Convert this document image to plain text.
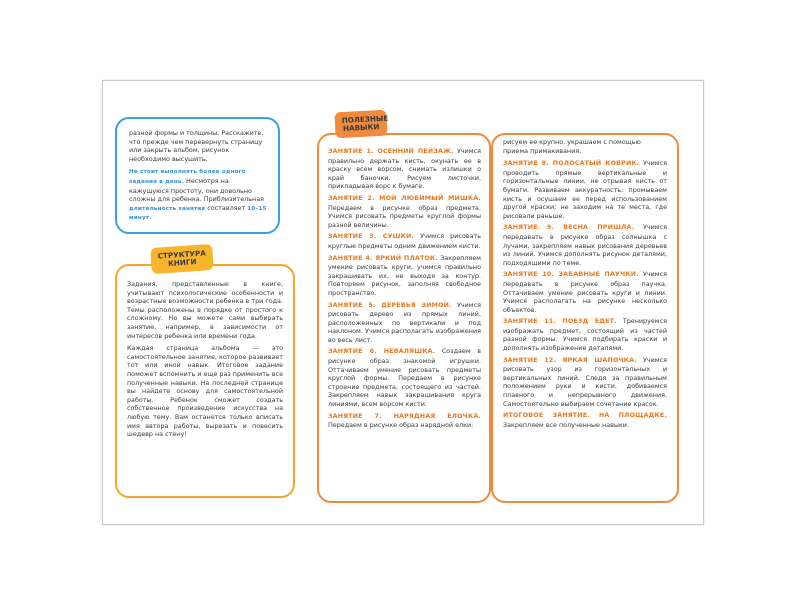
разной формы и толщины. Расскажите, что прежде чем перевернуть страницу или закрыть альбом, рисунок необходимо высушить.

Не стоит выполнять более одного задания в день. Несмотря на кажущуюся простоту, они довольно сложны для ребенка. Приблизительная длительность занятия составляет 10–15 минут.

Задания, представленные в книге, учитывают психологические особенности и возрастные возможности ребенка в три года. Темы расположены в порядке от простого к сложному. Но вы можете сами выбирать занятие, например, в зависимости от интересов ребенка или времени года.

Каждая страница альбома — это самостоятельное занятие, которое развивает тот или иной навык. Итоговое задание поможет вспомнить и еще раз применить все полученные навыки. На последней странице вы найдете основу для самостоятельной работы. Ребенок сможет создать собственное произведение искусства на любую тему. Вам останется только вписать имя автора работы, вырезать и повесить шедевр на стену!

СТРУКТУРА КНИГИ

ЗАНЯТИЕ 1. ОСЕННИЙ ПЕЙЗАЖ. Учимся правильно держать кисть, окунать ее в краску всем ворсом, снимать излишки о край баночки. Рисуем листочки, прикладывая ворс к бумаге.

ЗАНЯТИЕ 2. МОЙ ЛЮБИМЫЙ МИШКА. Передаем в рисунке образ предмета. Учимся рисовать предметы круглой формы разной величины.

ЗАНЯТИЕ 3. СУШКИ. Учимся рисовать круглые предметы одним движением кисти.

ЗАНЯТИЕ 4. ЯРКИЙ ПЛАТОК. Закрепляем умение рисовать круги, учимся правильно закрашивать их, не выходя за контур. Повторяем рисунок, заполняя свободное пространство.

ЗАНЯТИЕ 5. ДЕРЕВЬЯ ЗИМОЙ. Учимся рисовать дерево из прямых линий, расположенных по вертикали и под наклоном. Учимся располагать изображения во весь лист.

ЗАНЯТИЕ 6. НЕВАЛЯШКА. Создаем в рисунке образ знакомой игрушки. Оттачиваем умение рисовать предметы круглой формы. Передаем в рисунке строение предмета, состоящего из частей. Закрепляем навык закрашивания круга линиями, всем ворсом кисти.

ЗАНЯТИЕ 7. НАРЯДНАЯ ЕЛОЧКА. Передаем в рисунке образ нарядной елки:

рисуем ее крупно, украшаем с помощью приема примакивания.

ЗАНЯТИЕ 8. ПОЛОСАТЫЙ КОВРИК. Учимся проводить прямые вертикальные и горизонтальные линии, не отрывая кисть от бумаги. Развиваем аккуратность: промываем кисть и осушаем ее перед использованием другой краски; не заходим на те места, где рисовали раньше.

ЗАНЯТИЕ 9. ВЕСНА ПРИШЛА. Учимся передавать в рисунке образ солнышка с лучами, закрепляем навык рисования деревьев из линий. Учимся дополнять рисунок деталями, подходящими по теме.

ЗАНЯТИЕ 10. ЗАБАВНЫЕ ПАУЧКИ. Учимся передавать в рисунке образ паучка. Оттачиваем умение рисовать круги и линии. Учимся располагать на рисунке несколько объектов.

ЗАНЯТИЕ 11. ПОЕЗД ЕДЕТ. Тренируемся изображать предмет, состоящий из частей разной формы. Учимся подбирать краски и дополнять изображение деталями.

ЗАНЯТИЕ 12. ЯРКАЯ ШАПОЧКА. Учимся рисовать узор из горизонтальных и вертикальных линий. Следя за правильным положением руки и кисти, добиваемся плавного и непрерывного движения. Самостоятельно выбираем сочетание красок.

ИТОГОВОЕ ЗАНЯТИЕ. НА ПЛОЩАДКЕ. Закрепляем все полученные навыки.

ПОЛЕЗНЫЕ НАВЫКИ
